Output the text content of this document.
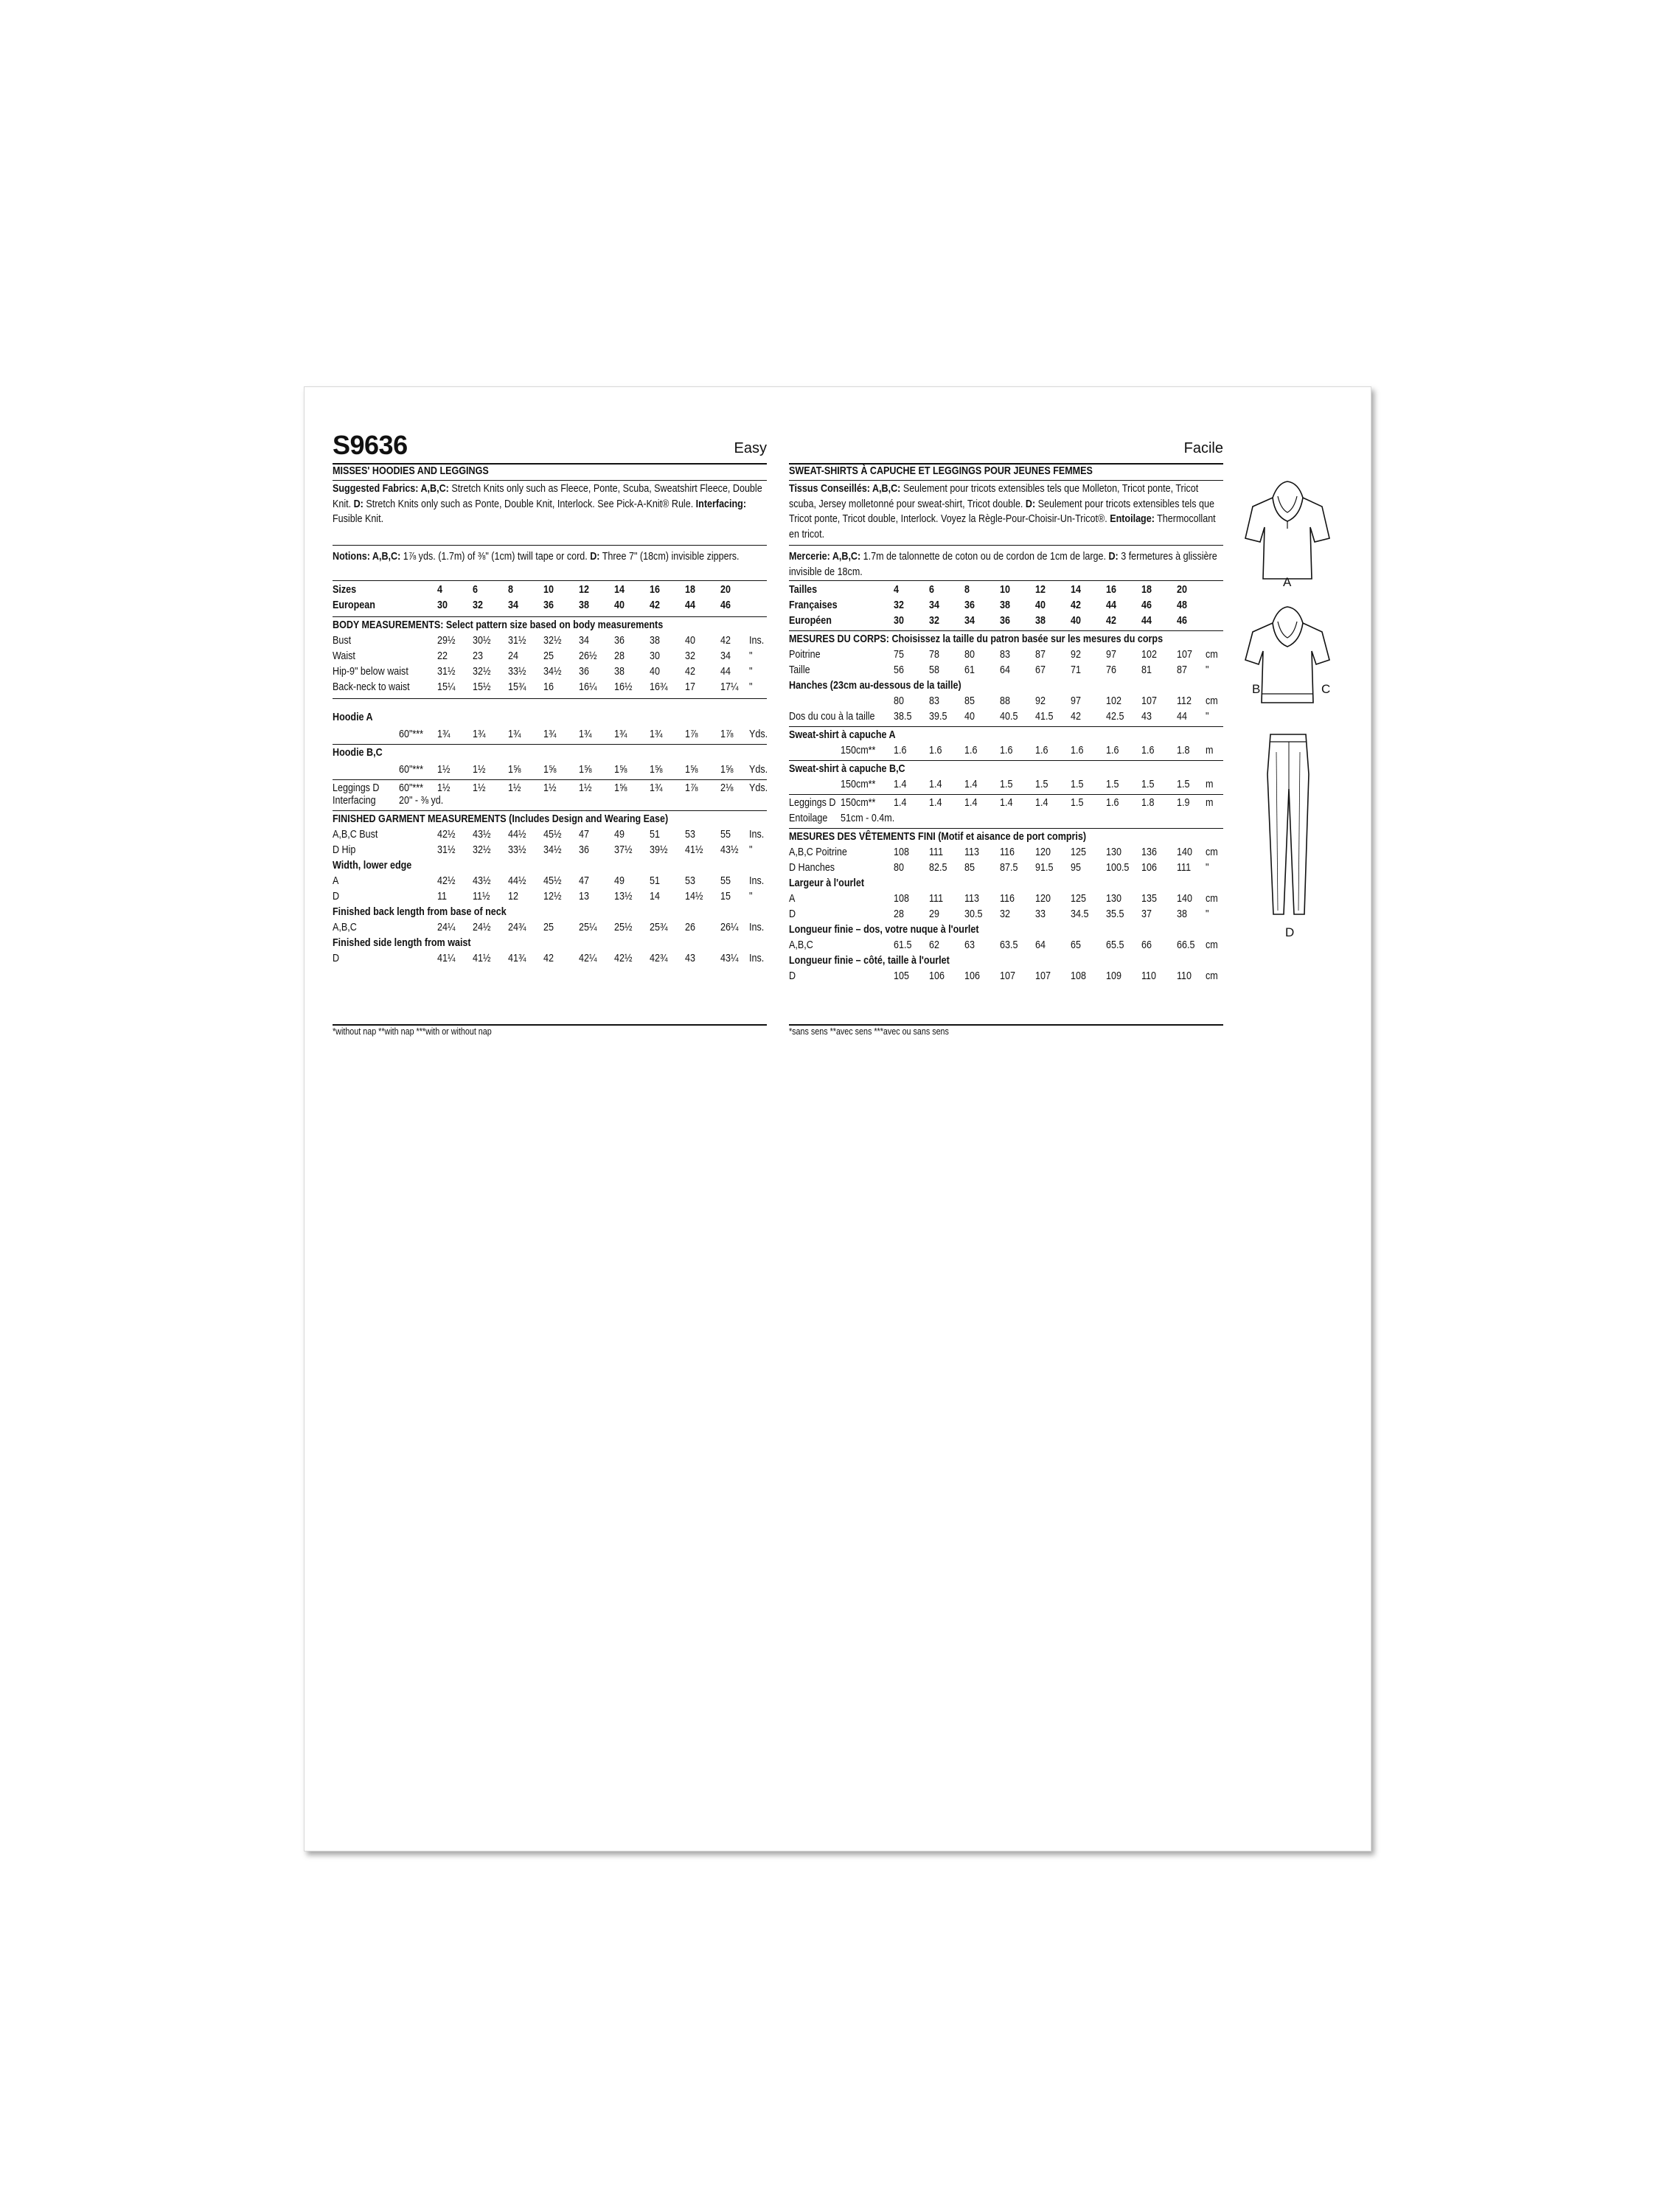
S9636	Easy
MISSES' HOODIES AND LEGGINGS
Suggested Fabrics: A,B,C: Stretch Knits only such as Fleece, Ponte, Scuba, Sweatshirt Fleece, Double Knit. D: Stretch Knits only such as Ponte, Double Knit, Interlock. See Pick-A-Knit® Rule. Interfacing: Fusible Knit.
Notions: A,B,C: 1⅞ yds. (1.7m) of ⅜" (1cm) twill tape or cord. D: Three 7" (18cm) invisible zippers.
Sizes	4	6	8	10 12 14 16 18 20
European	30 32 34 36 38 40 42 44 46
BODY MEASUREMENTS: Select pattern size based on body measurements
Bust	29½ 30½ 31½ 32½ 34 36 38 40 42 Ins.
Waist	22 23 24 25 26½ 28 30 32 34 "
Hip-9" below waist	31½ 32½ 33½ 34½ 36 38 40 42 44 "
Back-neck to waist	15¼ 15½ 15¾ 16 16¼ 16½ 16¾ 17 17¼ "
Hoodie A
60"*** 1¾ 1¾ 1¾ 1¾ 1¾ 1¾ 1¾ 1⅞ 1⅞ Yds.
Hoodie B,C
60"*** 1½ 1½ 1⅝ 1⅝ 1⅝ 1⅝ 1⅝ 1⅝ 1⅝ Yds.
Leggings D 60"*** 1½ 1½ 1½ 1½ 1½ 1⅝ 1¾ 1⅞ 2⅛ Yds.
Interfacing 20" - ⅜ yd.
FINISHED GARMENT MEASUREMENTS (Includes Design and Wearing Ease)
A,B,C Bust	42½ 43½ 44½ 45½ 47 49 51 53 55 Ins.
D Hip	31½ 32½ 33½ 34½ 36 37½ 39½ 41½ 43½ "
Width, lower edge
A	42½ 43½ 44½ 45½ 47 49 51 53 55 Ins.
D	11 11½ 12 12½ 13 13½ 14 14½ 15 "
Finished back length from base of neck
A,B,C	24¼ 24½ 24¾ 25 25¼ 25½ 25¾ 26 26¼ Ins.
Finished side length from waist
D	41¼ 41½ 41¾ 42 42¼ 42½ 42¾ 43 43¼ Ins.
*without nap **with nap ***with or without nap
Facile
SWEAT-SHIRTS À CAPUCHE ET LEGGINGS POUR JEUNES FEMMES
Tissus Conseillés: A,B,C: Seulement pour tricots extensibles tels que Molleton, Tricot ponte, Tricot scuba, Jersey molletonné pour sweat-shirt, Tricot double. D: Seulement pour tricots extensibles tels que Tricot ponte, Tricot double, Interlock. Voyez la Règle-Pour-Choisir-Un-Tricot®. Entoilage: Thermocollant en tricot.
Mercerie: A,B,C: 1.7m de talonnette de coton ou de cordon de 1cm de large. D: 3 fermetures à glissière invisible de 18cm.
Tailles	4	6	8	10 12 14 16 18 20
Françaises	32 34 36 38 40 42 44 46 48
Européen	30 32 34 36 38 40 42 44 46
MESURES DU CORPS: Choisissez la taille du patron basée sur les mesures du corps
Poitrine	75 78 80 83 87 92 97 102 107 cm
Taille	56 58 61 64 67 71 76 81 87 "
Hanches (23cm au-dessous de la taille)
80 83 85 88 92 97 102 107 112 cm
Dos du cou à la taille 38.5 39.5 40 40.5 41.5 42 42.5 43 44 "
Sweat-shirt à capuche A
150cm** 1.6 1.6 1.6 1.6 1.6 1.6 1.6 1.6 1.8 m
Sweat-shirt à capuche B,C
150cm** 1.4 1.4 1.4 1.5 1.5 1.5 1.5 1.5 1.5 m
Leggings D 150cm** 1.4 1.4 1.4 1.4 1.4 1.5 1.6 1.8 1.9 m
Entoilage 51cm - 0.4m.
MESURES DES VÊTEMENTS FINI (Motif et aisance de port compris)
A,B,C Poitrine	108 111 113 116 120 125 130 136 140 cm
D Hanches	80 82.5 85 87.5 91.5 95 100.5 106 111 "
Largeur à l'ourlet
A	108 111 113 116 120 125 130 135 140 cm
D	28 29 30.5 32 33 34.5 35.5 37 38 "
Longueur finie – dos, votre nuque à l'ourlet
A,B,C	61.5 62 63 63.5 64 65 65.5 66 66.5 cm
Longueur finie – côté, taille à l'ourlet
D	105 106 106 107 107 108 109 110 110 cm
*sans sens **avec sens ***avec ou sans sens
A
B	C
D
